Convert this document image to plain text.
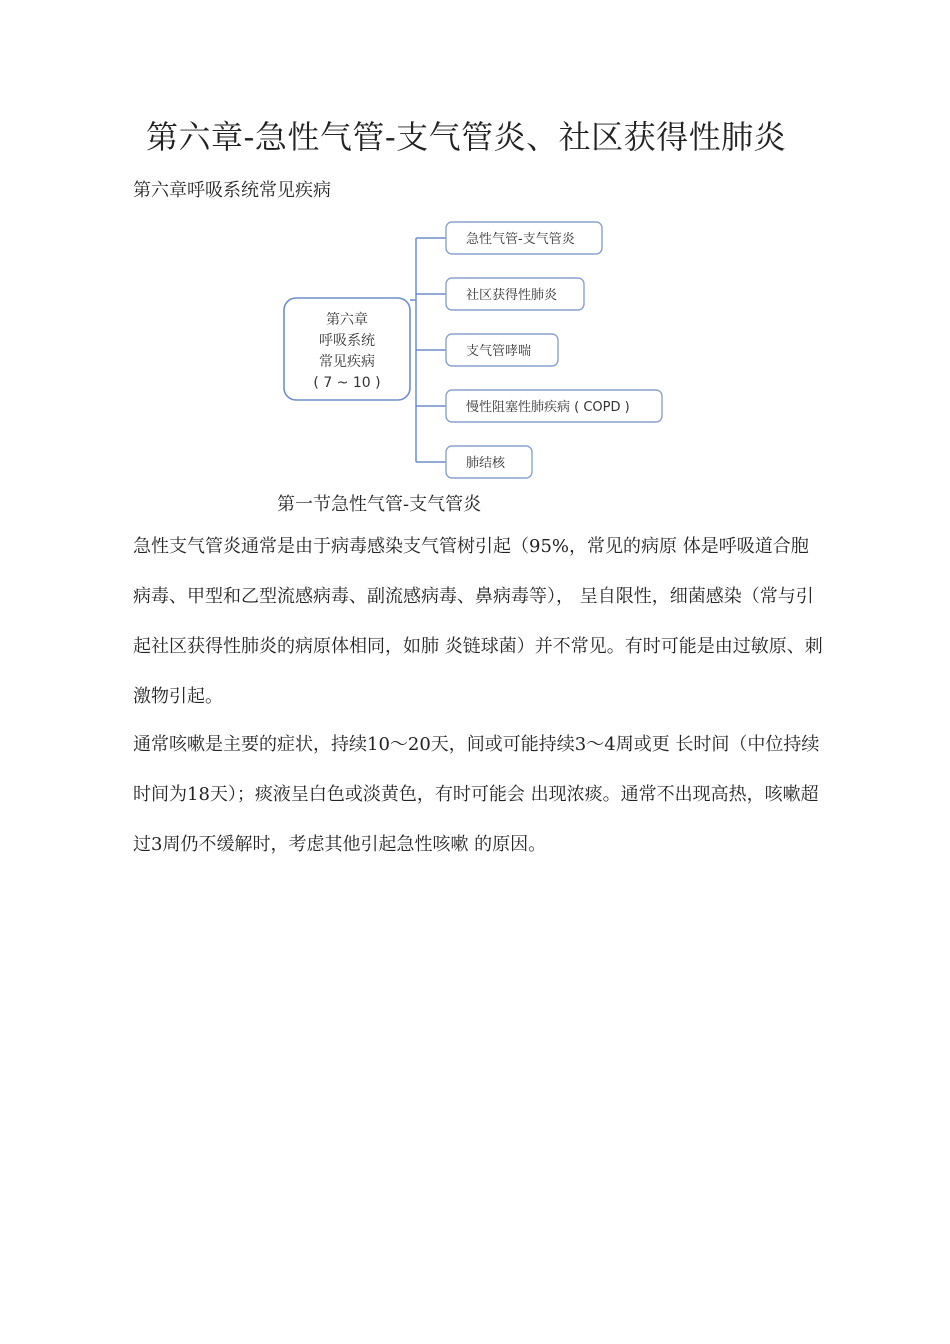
第六章-急性气管-支气管炎、社区获得性肺炎
第六章呼吸系统常见疾病
第六章
呼吸系统
常见疾病
( 7 ~ 10 )
急性气管-支气管炎
社区获得性肺炎
支气管哮喘
慢性阻塞性肺疾病 ( COPD )
肺结核
第一节急性气管-支气管炎

急性支气管炎通常是由于病毒感染支气管树引起（95%，常见的病原 体是呼吸道合胞病毒、甲型和乙型流感病毒、副流感病毒、鼻病毒等）， 呈自限性，细菌感染（常与引起社区获得性肺炎的病原体相同，如肺 炎链球菌）并不常见。有时可能是由过敏原、刺激物引起。

通常咳嗽是主要的症状，持续10～20天，间或可能持续3～4周或更 长时间（中位持续时间为18天）；痰液呈白色或淡黄色，有时可能会 出现浓痰。通常不出现高热，咳嗽超过3周仍不缓解时，考虑其他引起急性咳嗽 的原因。
